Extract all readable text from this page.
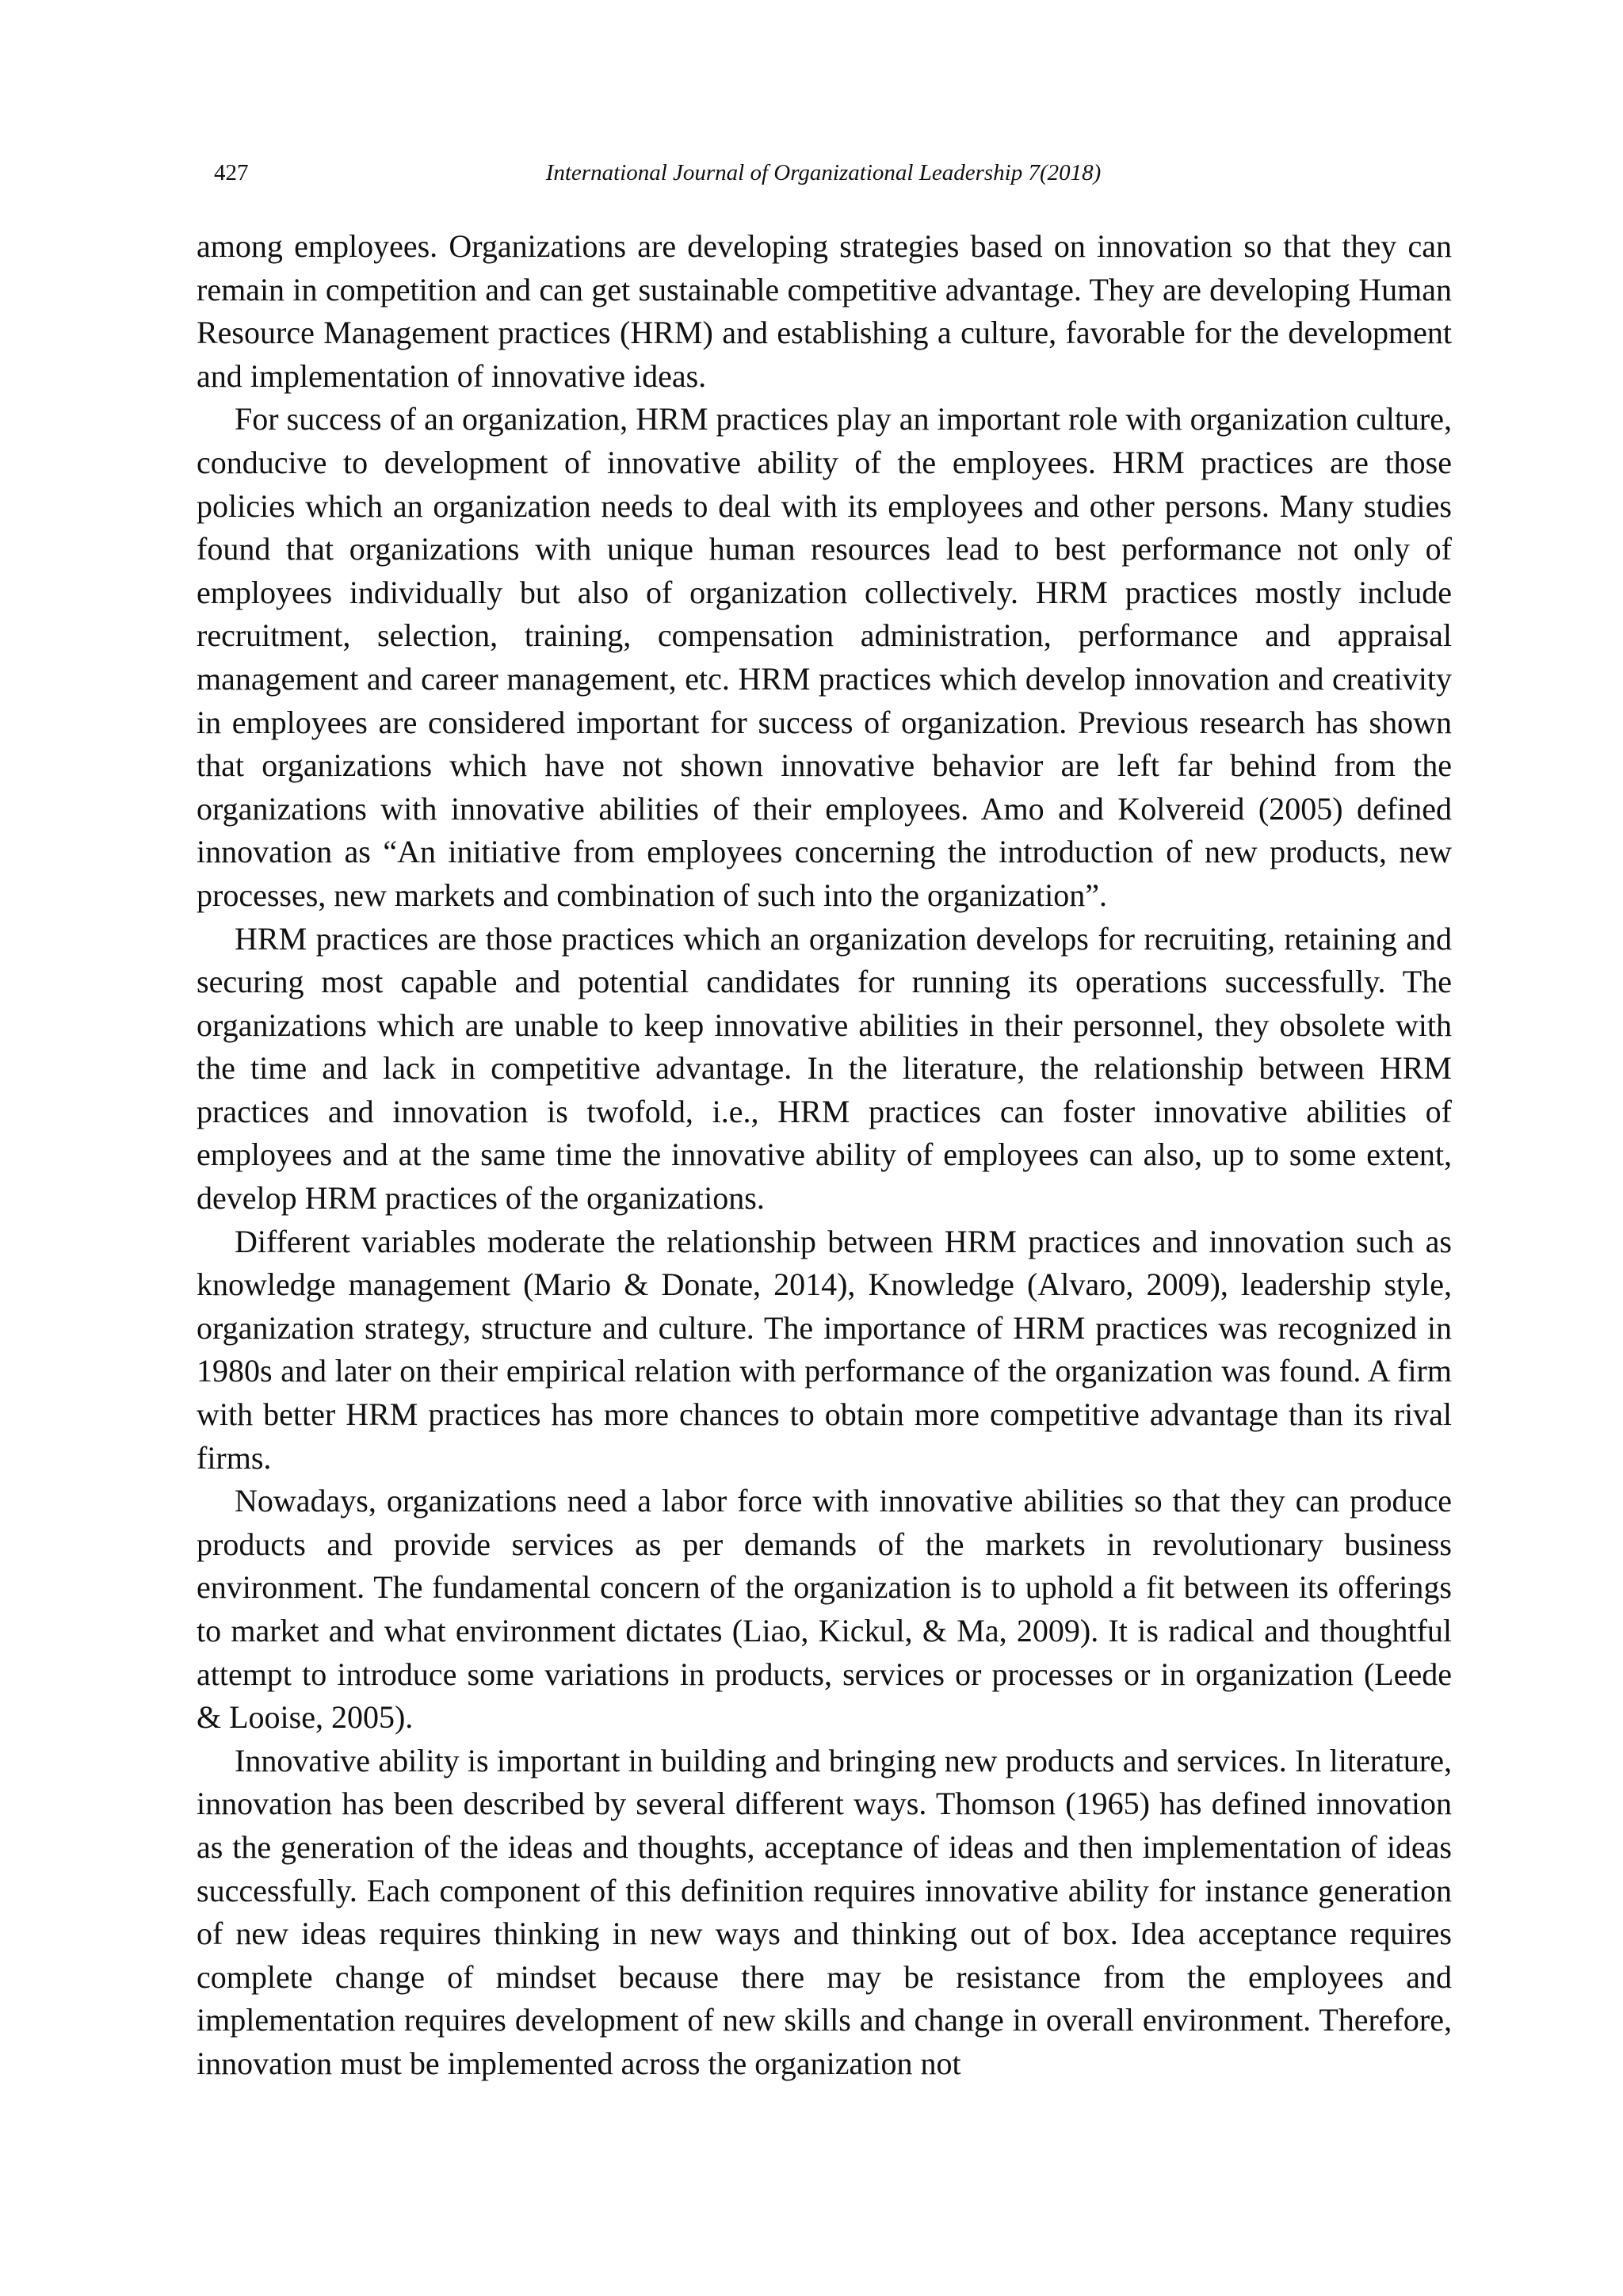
427	International Journal of Organizational Leadership 7(2018)

among employees. Organizations are developing strategies based on innovation so that they can remain in competition and can get sustainable competitive advantage. They are developing Human Resource Management practices (HRM) and establishing a culture, favorable for the development and implementation of innovative ideas.

For success of an organization, HRM practices play an important role with organization culture, conducive to development of innovative ability of the employees. HRM practices are those policies which an organization needs to deal with its employees and other persons. Many studies found that organizations with unique human resources lead to best performance not only of employees individually but also of organization collectively. HRM practices mostly include recruitment, selection, training, compensation administration, performance and appraisal management and career management, etc. HRM practices which develop innovation and creativity in employees are considered important for success of organization. Previous research has shown that organizations which have not shown innovative behavior are left far behind from the organizations with innovative abilities of their employees. Amo and Kolvereid (2005) defined innovation as “An initiative from employees concerning the introduction of new products, new processes, new markets and combination of such into the organization”.

HRM practices are those practices which an organization develops for recruiting, retaining and securing most capable and potential candidates for running its operations successfully. The organizations which are unable to keep innovative abilities in their personnel, they obsolete with the time and lack in competitive advantage. In the literature, the relationship between HRM practices and innovation is twofold, i.e., HRM practices can foster innovative abilities of employees and at the same time the innovative ability of employees can also, up to some extent, develop HRM practices of the organizations.

Different variables moderate the relationship between HRM practices and innovation such as knowledge management (Mario & Donate, 2014), Knowledge (Alvaro, 2009), leadership style, organization strategy, structure and culture. The importance of HRM practices was recognized in 1980s and later on their empirical relation with performance of the organization was found. A firm with better HRM practices has more chances to obtain more competitive advantage than its rival firms.

Nowadays, organizations need a labor force with innovative abilities so that they can produce products and provide services as per demands of the markets in revolutionary business environment. The fundamental concern of the organization is to uphold a fit between its offerings to market and what environment dictates (Liao, Kickul, & Ma, 2009). It is radical and thoughtful attempt to introduce some variations in products, services or processes or in organization (Leede & Looise, 2005).

Innovative ability is important in building and bringing new products and services. In literature, innovation has been described by several different ways. Thomson (1965) has defined innovation as the generation of the ideas and thoughts, acceptance of ideas and then implementation of ideas successfully. Each component of this definition requires innovative ability for instance generation of new ideas requires thinking in new ways and thinking out of box. Idea acceptance requires complete change of mindset because there may be resistance from the employees and implementation requires development of new skills and change in overall environment. Therefore, innovation must be implemented across the organization not
